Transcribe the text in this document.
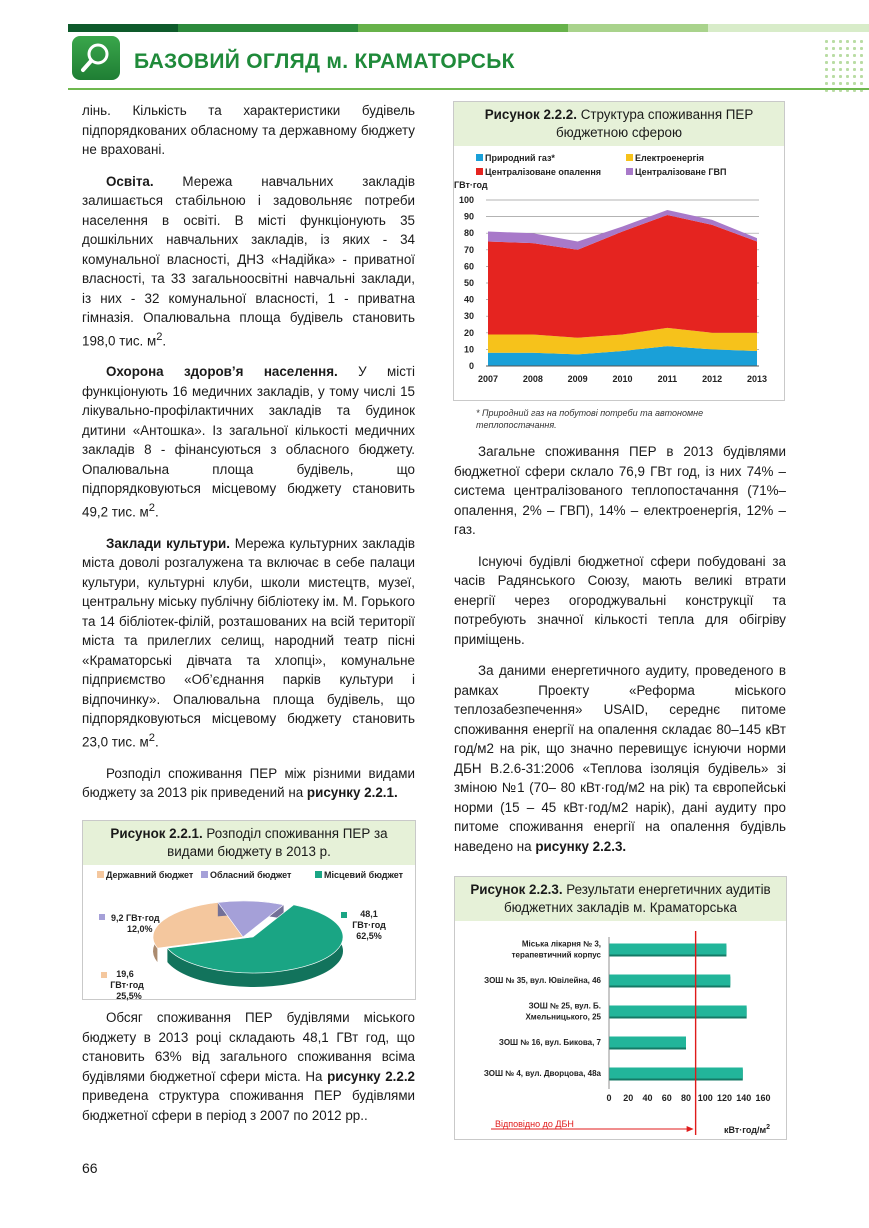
БАЗОВИЙ ОГЛЯД м. КРАМАТОРСЬК

лінь. Кількість та характеристики будівель підпорядкованих обласному та державному бюджету не враховані.

Освіта. Мережа навчальних закладів залишається стабільною і задовольняє потреби населення в освіті. В місті функціонують 35 дошкільних навчальних закладів, із яких - 34 комунальної власності, ДНЗ «Надійка» - приватної власності, та 33 загальноосвітні навчальні заклади, із них - 32 комунальної власності, 1 - приватна гімназія. Опалювальна площа будівель становить 198,0 тис. $м^2$.

Охорона здоров’я населення. У місті функціонують 16 медичних закладів, у тому числі 15 лікувально-профілактичних закладів та будинок дитини «Антошка». Із загальної кількості медичних закладів 8 - фінансуються з обласного бюджету. Опалювальна площа будівель, що підпорядковуються місцевому бюджету становить 49,2 тис. $м^2$.

Заклади культури. Мережа культурних закладів міста доволі розгалужена та включає в себе палаци культури, культурні клуби, школи мистецтв, музеї, центральну міську публічну бібліотеку ім. М. Горького та 14 бібліотек-філій, розташованих на всій території міста та прилеглих селищ, народний театр пісні «Краматорські дівчата та хлопці», комунальне підприємство «Об’єднання парків культури і відпочинку». Опалювальна площа будівель, що підпорядковуються місцевому бюджету становить 23,0 тис. $м^2$.

Розподіл споживання ПЕР між різними видами бюджету за 2013 рік приведений на рисунку 2.2.1.

Обсяг споживання ПЕР будівлями міського бюджету в 2013 році складають 48,1 ГВт год, що становить 63% від загального споживання всіма будівлями бюджетної сфери міста. На рисунку 2.2.2 приведена структура споживання ПЕР будівлями бюджетної сфери в період з 2007 по 2012 рр..

Рисунок 2.2.1. Розподіл споживання ПЕР за видами бюджету в 2013 р.
Державний бюджет Обласний бюджет	Місцевий бюджет
9,2 ГВт·год
12,0%
19,6
ГВт·год
25,5%
48,1
ГВт·год
62,5%
Рисунок 2.2.2. Структура споживання ПЕР бюджетною сферою
Природний газ*	Електроенергія
Централізоване опалення	Централізоване ГВП
ГВт·год
0
10
20
30
40
50
60
70
80
90
100
2007	2008	2009	2010	2011	2012	2013
* Природний газ на побутові потреби та автономне теплопостачання.

Загальне споживання ПЕР в 2013 будівлями бюджетної сфери склало 76,9 ГВт год, із них 74% – система централізованого теплопостачання (71%– опалення, 2% – ГВП), 14% – електроенергія, 12% – газ.

Існуючі будівлі бюджетної сфери побудовані за часів Радянського Союзу, мають великі втрати енергії через огороджувальні конструкції та потребують значної кількості тепла для обігріву приміщень.

За даними енергетичного аудиту, проведеного в рамках Проекту «Реформа міського теплозабезпечення» USAID, середнє питоме споживання енергії на опалення складає 80–145 кВт год/м2 на рік, що значно перевищує існуючи норми ДБН В.2.6-31:2006 «Теплова ізоляція будівель» зі зміною №1 (70– 80 кВт·год/м2 на рік) та європейські норми (15 – 45 кВт·год/м2 нарік), дані аудиту про питоме споживання енергії на опалення будівль наведено на рисунку 2.2.3.

Рисунок 2.2.3. Результати енергетичних аудитів бюджетних закладів м. Краматорська
Міська лікарня № 3,
терапевтичний корпус
ЗОШ № 35, вул. Ювілейна, 46
ЗОШ № 25, вул. Б.
Хмельницького, 25
ЗОШ № 16, вул. Бикова, 7
ЗОШ № 4, вул. Дворцова, 48а
0 20 40 60 80 100 120 140 160
Відповідно до ДБН
$кВт\cdot год/м^2$
66
